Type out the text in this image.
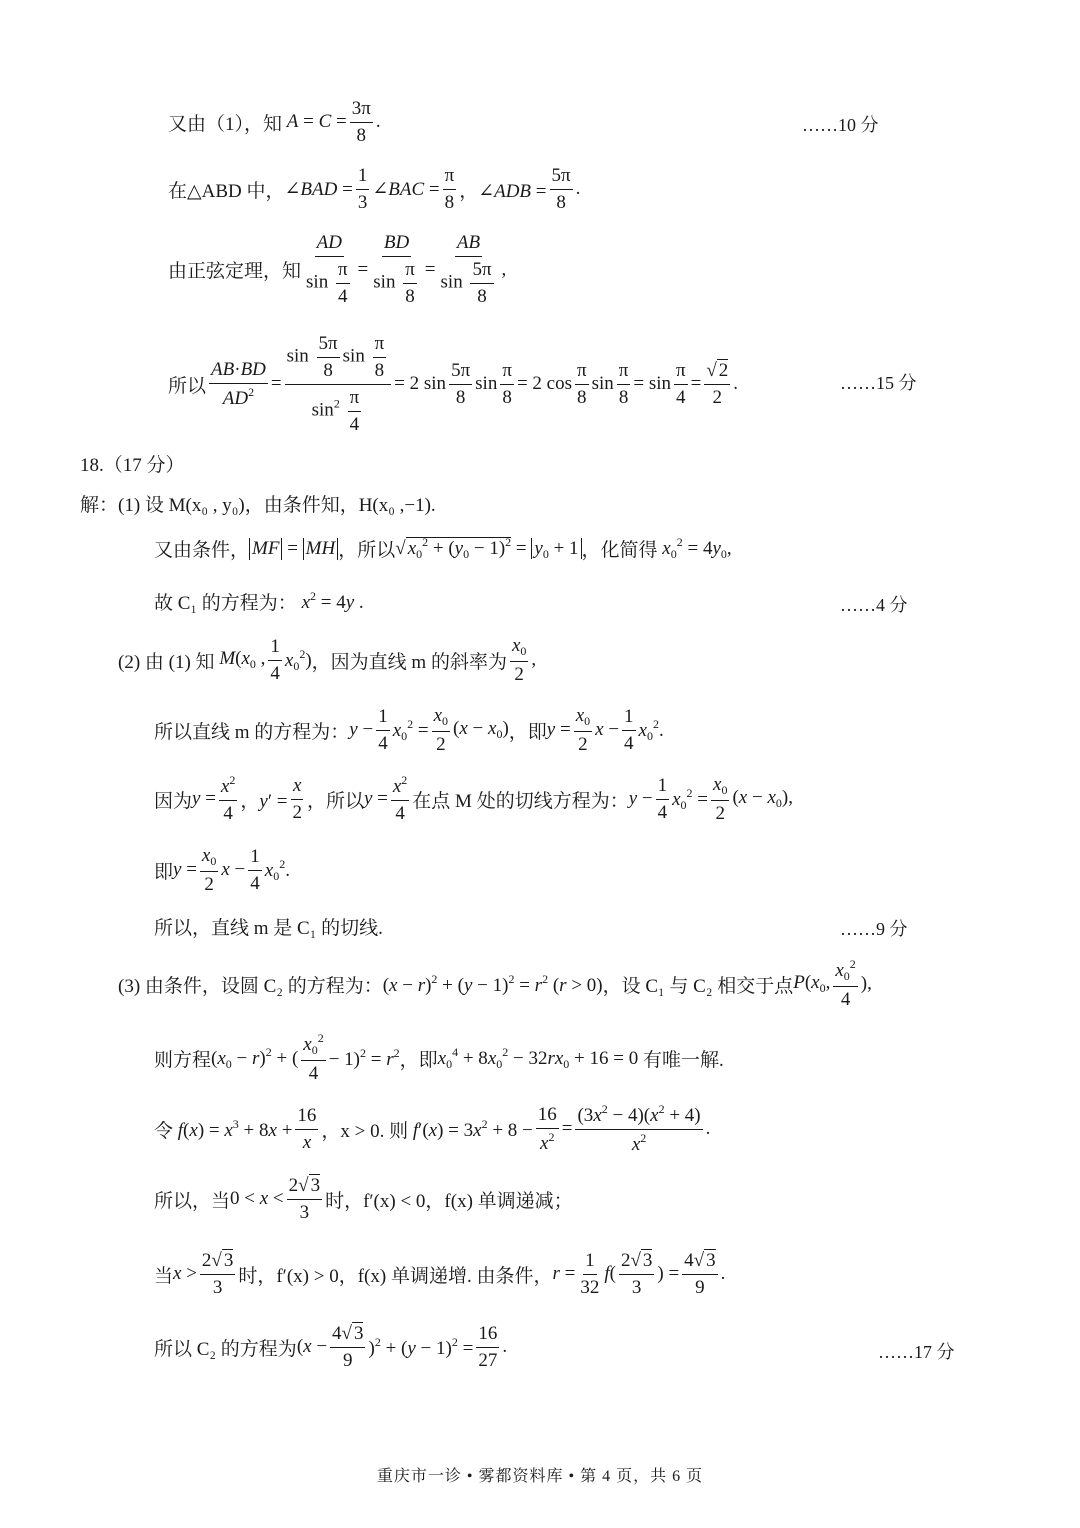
又由（1），知 $A = C = \frac{3\pi}{8}$ .	……10 分
在△ABD 中， ∠BAD = $\frac{1}{3}$ ∠BAC = $\frac{\pi}{8}$ ，∠ADB = $\frac{5\pi}{8}$ .
由正弦定理，知 $\frac{AD}{\sin \frac{\pi}{4}} = \frac{BD}{\sin \frac{\pi}{8}} = \frac{AB}{\sin \frac{5\pi}{8}}$ ,
所以 $\frac{AB\cdot BD}{AD^2} = \frac{\sin \frac{5\pi}{8} \sin \frac{\pi}{8}}{\sin^2 \frac{\pi}{4}} = 2$ $\sin \frac{5\pi}{8}$ $\sin \frac{\pi}{8} = 2$ $\cos \frac{\pi}{8}$ $\sin \frac{\pi}{8} = \sin \frac{\pi}{4} = \frac{√ 2}{2}$ .	……15 分
18.（17 分）
解：(1) 设 M(x₀ , y₀)，由条件知，H(x₀ ,−1).
又由条件， MF = MH ，所以 √ $x_0^2 + (y_0 - 1)^2 = y_0 + 1$ ，化简得 $x_0^2 = 4y_0$,
故 C₁ 的方程为： $x^2 = 4y$ .	……4 分
(2) 由 (1) 知 $M(x_0$ , $\frac{1}{4} x_0^2$) ，因为直线 m 的斜率为 $\frac{x_0}{2}$ ,
所以直线 m 的方程为： $y - \frac{1}{4} x_0^2 = \frac{x_0}{2} (x - x_0)$ ，即 $y = \frac{x_0}{2}$ $x - \frac{1}{4} x_0^2$.
因为 $y = \frac{x^2}{4}$ ，$y' = \frac{x}{2}$ ，所以 $y = \frac{x^2}{4}$ 在点 M 处的切线方程为： $y - \frac{1}{4} x_0^2 = \frac{x_0}{2} (x - x_0)$,
即 $y = \frac{x_0}{2}$ $x - \frac{1}{4} x_0^2$.
所以，直线 m 是 C₁ 的切线.	……9 分
(3) 由条件，设圆 C₂ 的方程为： $(x - r)^2 + (y - 1)^2 = r^2$ (r > 0) ，设 C₁ 与 C₂ 相交于点 $P(x_0$, $\frac{x_0^2}{4}$ ),
则方程 $(x_0 - r)^2$ + ( $\frac{x_0^2}{4} - 1)^2 = r^2$ ，即 $x_0^4 + 8x_0^2 - 32rx_0 + 16 = 0$ 有唯一解.
令 $f(x) = x^3 + 8x + \frac{16}{x}$ ，x > 0. 则 $f'(x) = 3x^2 + 8 - \frac{16}{x^2} = \frac{(3x^2 - 4)(x^2 + 4)}{x^2}$ .
所以，当 $0 < x < \frac{2√ 3}{3}$ 时，f′(x) < 0，f(x) 单调递减；
当 $x > \frac{2√ 3}{3}$ 时，f′(x) > 0，f(x) 单调递增. 由条件， $r = \frac{1}{32} f( \frac{2√ 3}{3}$ ) = $\frac{4√ 3}{9}$ .
所以 C₂ 的方程为 $(x - \frac{4√ 3}{9} )^2 + (y - 1)^2 = \frac{16}{27}$ .	……17 分
重庆市一诊 • 雾都资料库 • 第 4 页，共 6 页
